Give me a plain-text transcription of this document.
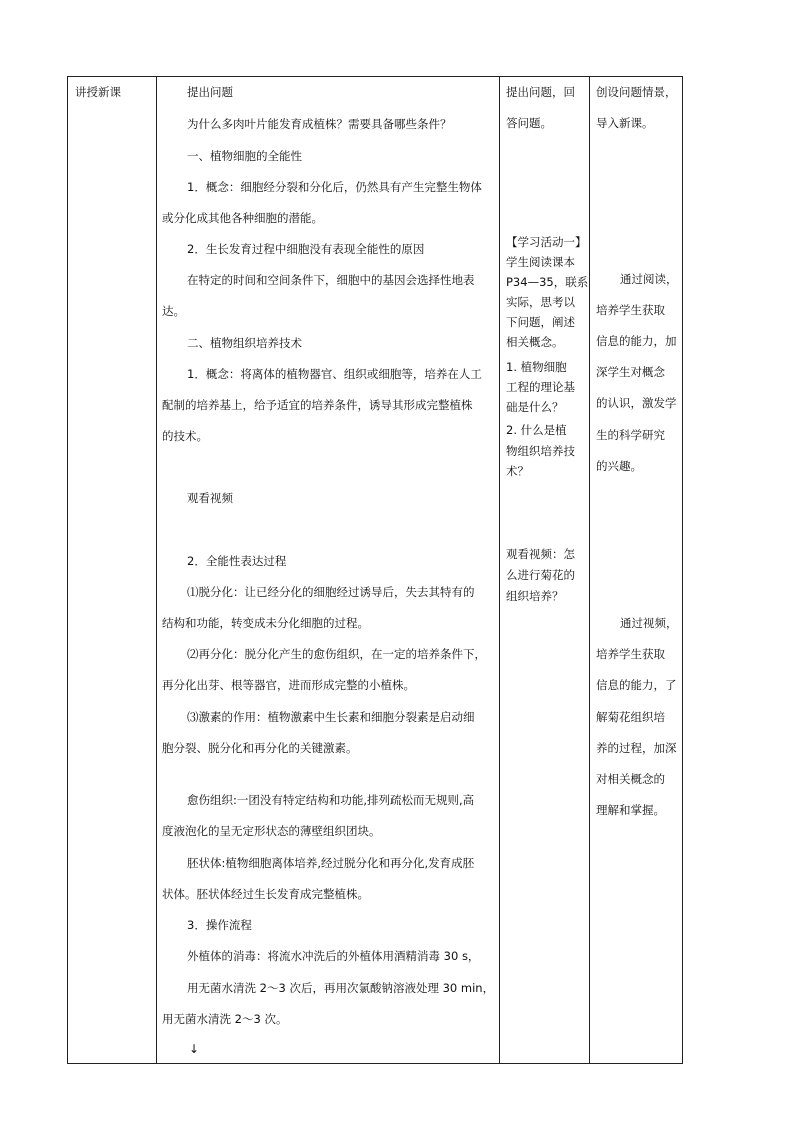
讲授新课	提出问题
为什么多肉叶片能发育成植株？需要具备哪些条件？
一、植物细胞的全能性
1．概念：细胞经分裂和分化后，仍然具有产生完整生物体
或分化成其他各种细胞的潜能。
2．生长发育过程中细胞没有表现全能性的原因
在特定的时间和空间条件下，细胞中的基因会选择性地表
达。
二、植物组织培养技术
1．概念：将离体的植物器官、组织或细胞等，培养在人工
配制的培养基上，给予适宜的培养条件，诱导其形成完整植株
的技术。
观看视频
2．全能性表达过程
⑴脱分化：让已经分化的细胞经过诱导后，失去其特有的
结构和功能，转变成未分化细胞的过程。
⑵再分化：脱分化产生的愈伤组织，在一定的培养条件下，
再分化出芽、根等器官，进而形成完整的小植株。
⑶激素的作用：植物激素中生长素和细胞分裂素是启动细
胞分裂、脱分化和再分化的关键激素。
愈伤组织:一团没有特定结构和功能,排列疏松而无规则,高
度液泡化的呈无定形状态的薄壁组织团块。
胚状体:植物细胞离体培养,经过脱分化和再分化,发育成胚
状体。胚状体经过生长发育成完整植株。
3．操作流程
外植体的消毒：将流水冲洗后的外植体用酒精消毒 30 s，
用无菌水清洗 2～3 次后，再用次氯酸钠溶液处理 30 min，
用无菌水清洗 2～3 次。
↓
提出问题，回
答问题。
【学习活动一】
学生阅读课本
P34—35，联系
实际，思考以
下问题，阐述
相关概念。
1. 植物细胞
工程的理论基
础是什么？
2. 什么是植
物组织培养技
术？
观看视频：怎
么进行菊花的
组织培养？
创设问题情景，
导入新课。
通过阅读，
培养学生获取
信息的能力，加
深学生对概念
的认识，激发学
生的科学研究
的兴趣。
通过视频，
培养学生获取
信息的能力，了
解菊花组织培
养的过程，加深
对相关概念的
理解和掌握。
